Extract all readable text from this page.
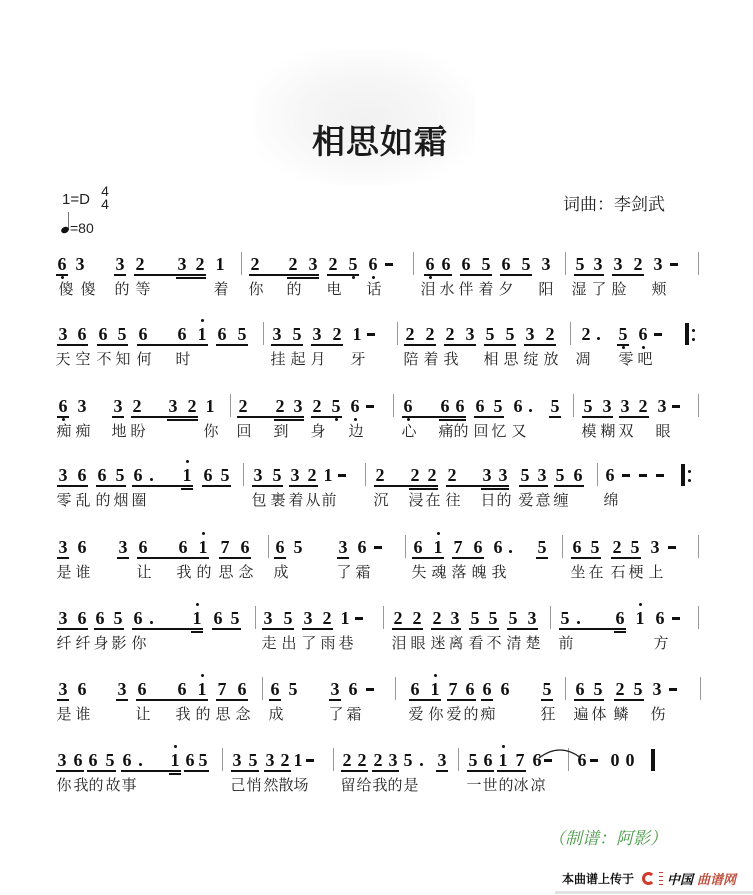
相思如霜
1=D 4
4
=80
词曲：李剑武
6 3 3 2 3 2 1 2 2 3 2 5 6	6 6 6 5 6 5 3 5 3 3 2 3
傻 傻 的 等	着 你 的 电 话	泪 水 伴 着 夕 阳 湿 了 脸 颊
3 6 6 5 6 6 1 6 5 3 5 3 2 1 2 2 2 3 5 5 3 2 2 5 6
天 空 不 知 何 时	挂 起 月 牙	陪 着 我 相 思 绽 放 凋 零 吧
6 3 3 2 3 2 1 2 2 3 2 5 6 6 6 6 6 5 6 5 5 3 3 2 3
痴 痴 地 盼	你 回 到 身 边	心 痛 的 回 忆 又	模 糊 双 眼
3 6 6 5 6 1 6 5 3 5 3 2 1 2 2 2 2 3 3 5 3 5 6 6
零 乱 的 烟 圈	包 裹 着 从 前 沉 浸 在 往 日 的 爱 意 缠 绵
3 6 3 6 6 1 7 6 6 5 3 6	6 1 7 6 6 5 6 5 2 5 3
是 谁	让 我 的 思 念 成	了 霜	失 魂 落 魄 我	坐 在 石 梗 上
3 6 6 5 6	1 6 5 3 5 3 2 1 2 2 2 3 5 5 5 3 5	6 1 6
纤 纤 身 影 你	走 出 了 雨 巷	泪 眼 迷 离 看 不 清 楚 前	方
3 6 3 6 6 1 7 6 6 5 3 6	6 1 7 6 6 6 5 6 5 2 5 3
是 谁	让 我 的 思 念 成	了 霜	爱 你 爱 的 痴	狂 遍 体 鳞 伤
3 6 6 5 6 1 6 5 3 5 3 2 1 2 2 2 3 5 3 5 6 1 7 6 6 0 0
你 我 的 故 事	己 悄 然 散 场 留 给 我 的 是	一 世 的 冰 凉
（制谱：阿影）
本曲谱上传于	中国 曲谱网
